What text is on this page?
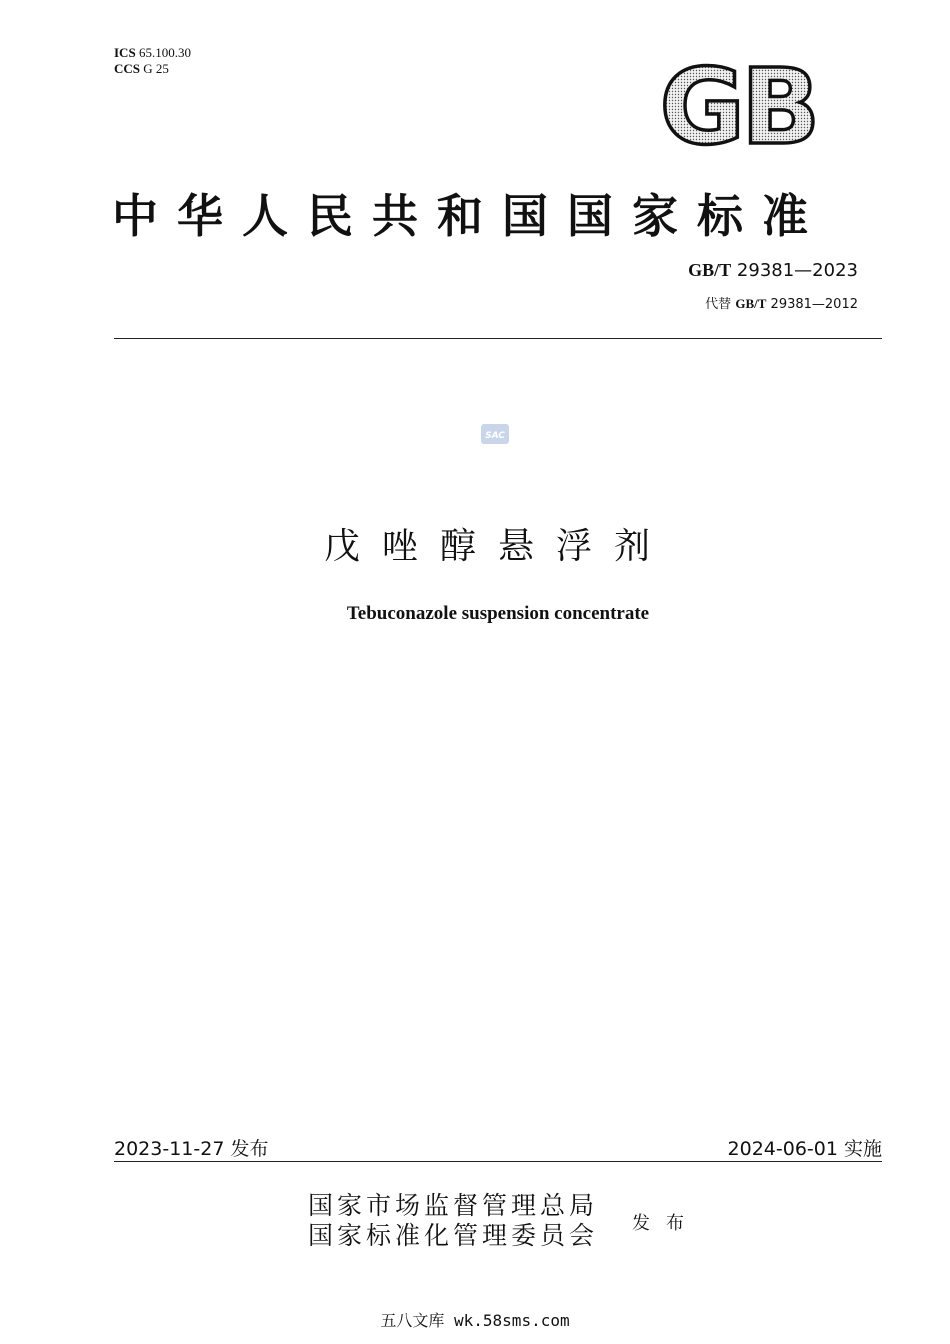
ICS 65.100.30
CCS G 25	GB
中华人民共和国国家标准
GB/T 29381—2023
代替 GB/T 29381—2012
SAC
戊唑醇悬浮剂
Tebuconazole suspension concentrate
2023-11-27 发布	2024-06-01 实施
国家市场监督管理总局
国家标准化管理委员会 发布
五八文库 wk.58sms.com
